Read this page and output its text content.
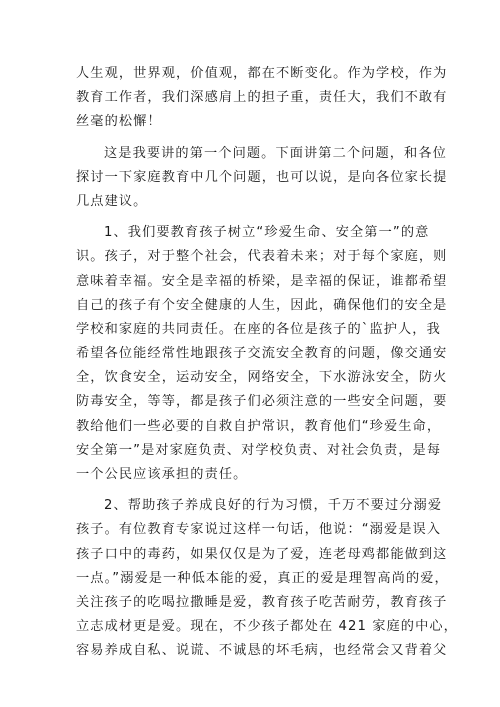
人生观，世界观，价值观，都在不断变化。作为学校，作为
教育工作者，我们深感肩上的担子重，责任大，我们不敢有
丝毫的松懈！
这是我要讲的第一个问题。下面讲第二个问题，和各位
探讨一下家庭教育中几个问题，也可以说，是向各位家长提
几点建议。
1、我们要教育孩子树立“珍爱生命、安全第一”的意
识。孩子，对于整个社会，代表着未来；对于每个家庭，则
意味着幸福。安全是幸福的桥梁，是幸福的保证，谁都希望
自己的孩子有个安全健康的人生，因此，确保他们的安全是
学校和家庭的共同责任。在座的各位是孩子的`监护人，我
希望各位能经常性地跟孩子交流安全教育的问题，像交通安
全，饮食安全，运动安全，网络安全，下水游泳安全，防火
防毒安全，等等，都是孩子们必须注意的一些安全问题，要
教给他们一些必要的自救自护常识，教育他们“珍爱生命，
安全第一”是对家庭负责、对学校负责、对社会负责，是每
一个公民应该承担的责任。
2、帮助孩子养成良好的行为习惯，千万不要过分溺爱
孩子。有位教育专家说过这样一句话，他说：“溺爱是误入
孩子口中的毒药，如果仅仅是为了爱，连老母鸡都能做到这
一点。”溺爱是一种低本能的爱，真正的爱是理智高尚的爱，
关注孩子的吃喝拉撒睡是爱，教育孩子吃苦耐劳，教育孩子
立志成材更是爱。现在，不少孩子都处在 421 家庭的中心，
容易养成自私、说谎、不诚恳的坏毛病，也经常会又背着父
